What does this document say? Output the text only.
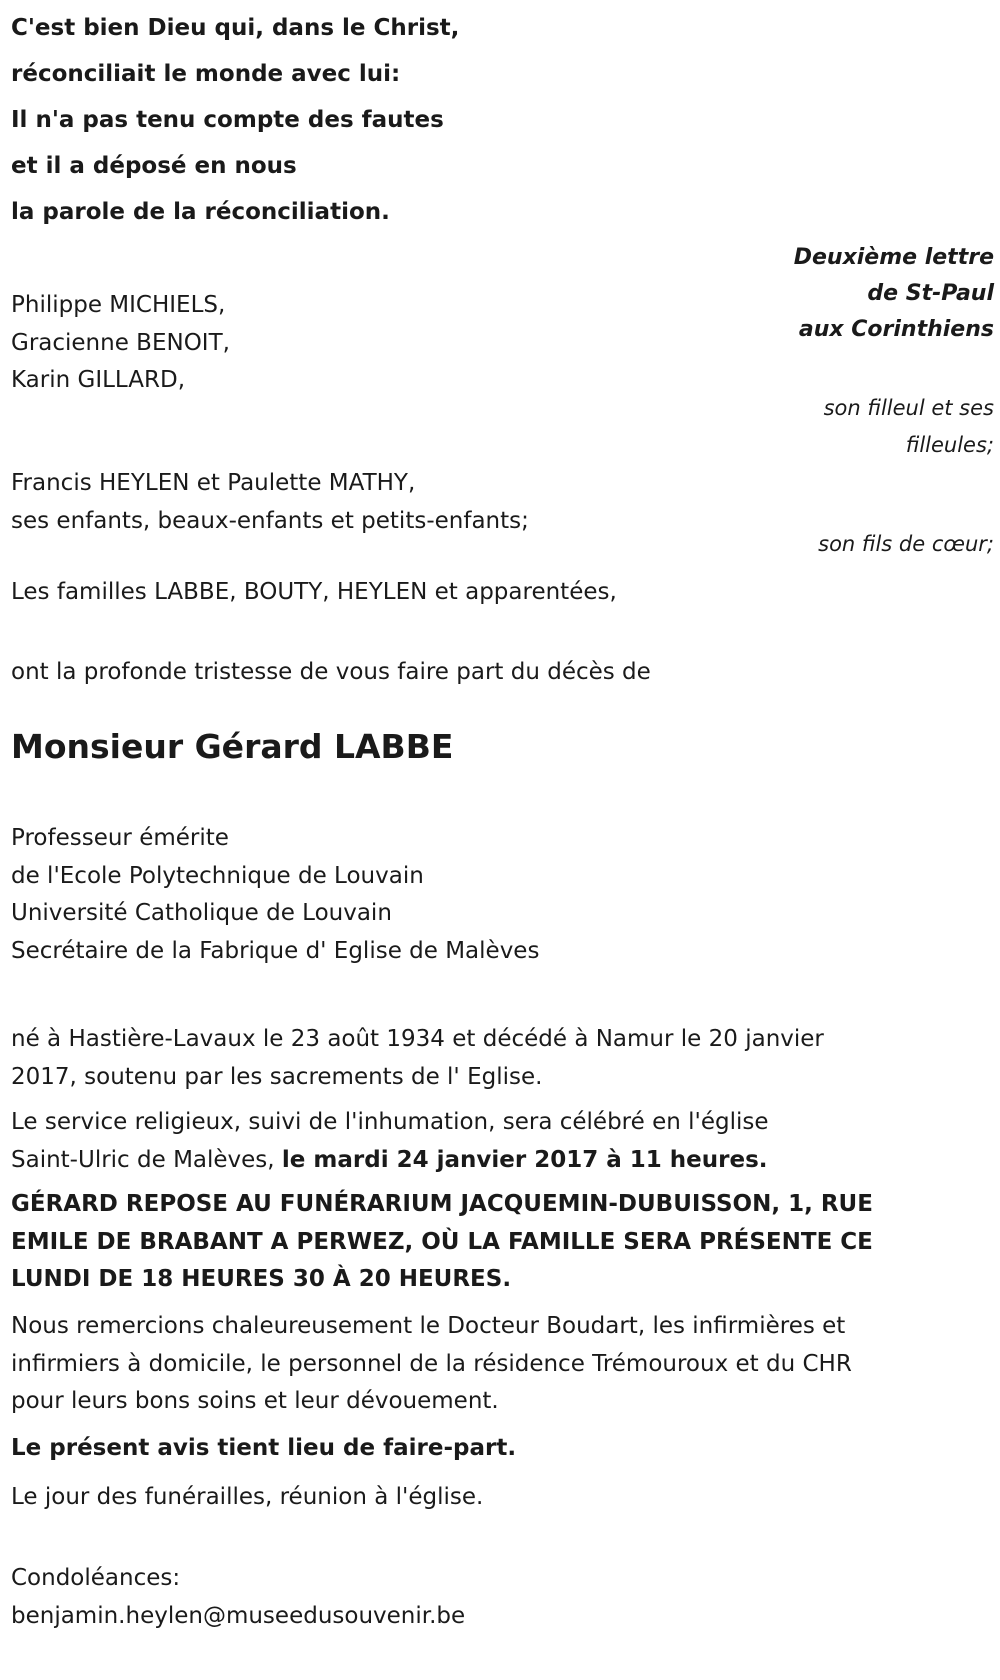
C'est bien Dieu qui, dans le Christ,
réconciliait le monde avec lui:
Il n'a pas tenu compte des fautes
et il a déposé en nous
la parole de la réconciliation.
Deuxième lettre
de St-Paul
aux Corinthiens
Philippe MICHIELS,
Gracienne BENOIT,
Karin GILLARD,
son filleul et ses
filleules;
Francis HEYLEN et Paulette MATHY,
ses enfants, beaux-enfants et petits-enfants;
son fils de cœur;
Les familles LABBE, BOUTY, HEYLEN et apparentées,
ont la profonde tristesse de vous faire part du décès de
Monsieur Gérard LABBE
Professeur émérite
de l'Ecole Polytechnique de Louvain
Université Catholique de Louvain
Secrétaire de la Fabrique d' Eglise de Malèves
né à Hastière-Lavaux le 23 août 1934 et décédé à Namur le 20 janvier
2017, soutenu par les sacrements de l' Eglise.
Le service religieux, suivi de l'inhumation, sera célébré en l'église
Saint-Ulric de Malèves, le mardi 24 janvier 2017 à 11 heures.
GÉRARD REPOSE AU FUNÉRARIUM JACQUEMIN-DUBUISSON, 1, RUE
EMILE DE BRABANT A PERWEZ, OÙ LA FAMILLE SERA PRÉSENTE CE
LUNDI DE 18 HEURES 30 À 20 HEURES.
Nous remercions chaleureusement le Docteur Boudart, les infirmières et
infirmiers à domicile, le personnel de la résidence Trémouroux et du CHR
pour leurs bons soins et leur dévouement.
Le présent avis tient lieu de faire-part.
Le jour des funérailles, réunion à l'église.
Condoléances:
benjamin.heylen@museedusouvenir.be
